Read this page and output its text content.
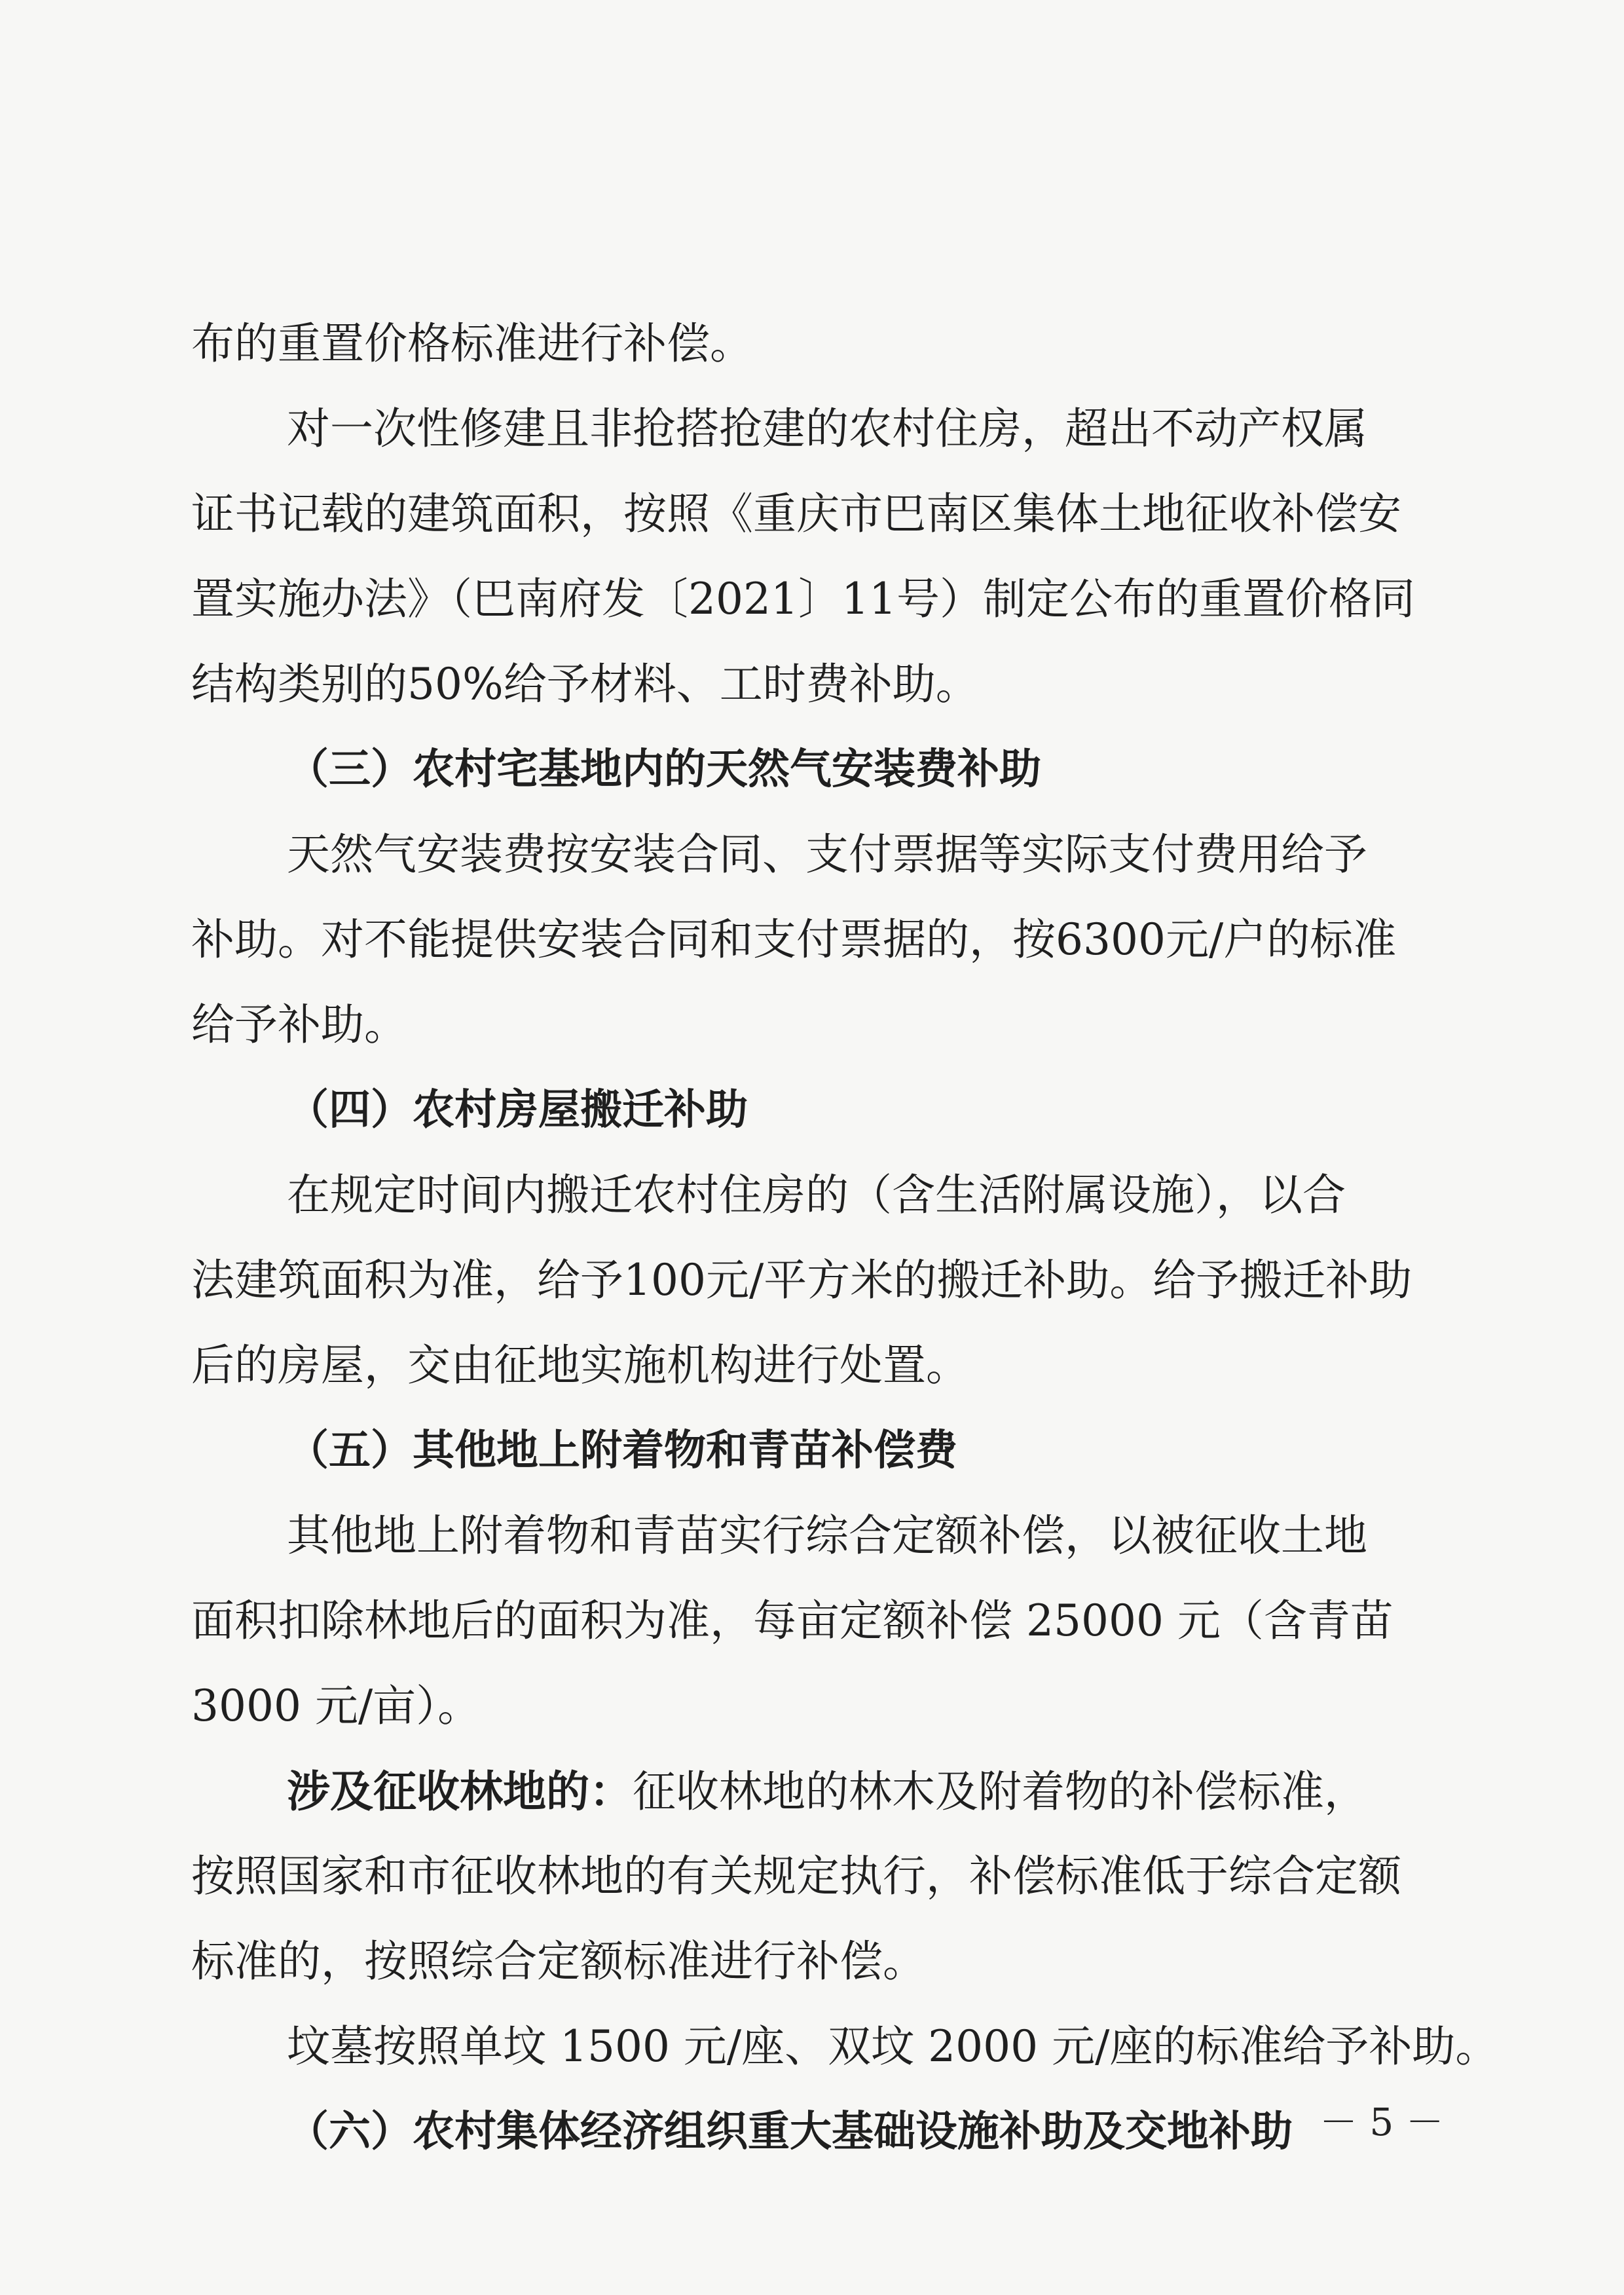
布的重置价格标准进行补偿。
对一次性修建且非抢搭抢建的农村住房，超出不动产权属
证书记载的建筑面积，按照《重庆市巴南区集体土地征收补偿安
置实施办法》（巴南府发〔2021〕11号）制定公布的重置价格同
结构类别的50%给予材料、工时费补助。
（三）农村宅基地内的天然气安装费补助
天然气安装费按安装合同、支付票据等实际支付费用给予
补助。对不能提供安装合同和支付票据的，按6300元/户的标准
给予补助。
（四）农村房屋搬迁补助
在规定时间内搬迁农村住房的（含生活附属设施），以合
法建筑面积为准，给予100元/平方米的搬迁补助。给予搬迁补助
后的房屋，交由征地实施机构进行处置。
（五）其他地上附着物和青苗补偿费
其他地上附着物和青苗实行综合定额补偿，以被征收土地
面积扣除林地后的面积为准，每亩定额补偿 25000 元（含青苗
3000 元/亩）。
涉及征收林地的：征收林地的林木及附着物的补偿标准，
按照国家和市征收林地的有关规定执行，补偿标准低于综合定额
标准的，按照综合定额标准进行补偿。
坟墓按照单坟 1500 元/座、双坟 2000 元/座的标准给予补助。
（六）农村集体经济组织重大基础设施补助及交地补助 － 5 －
